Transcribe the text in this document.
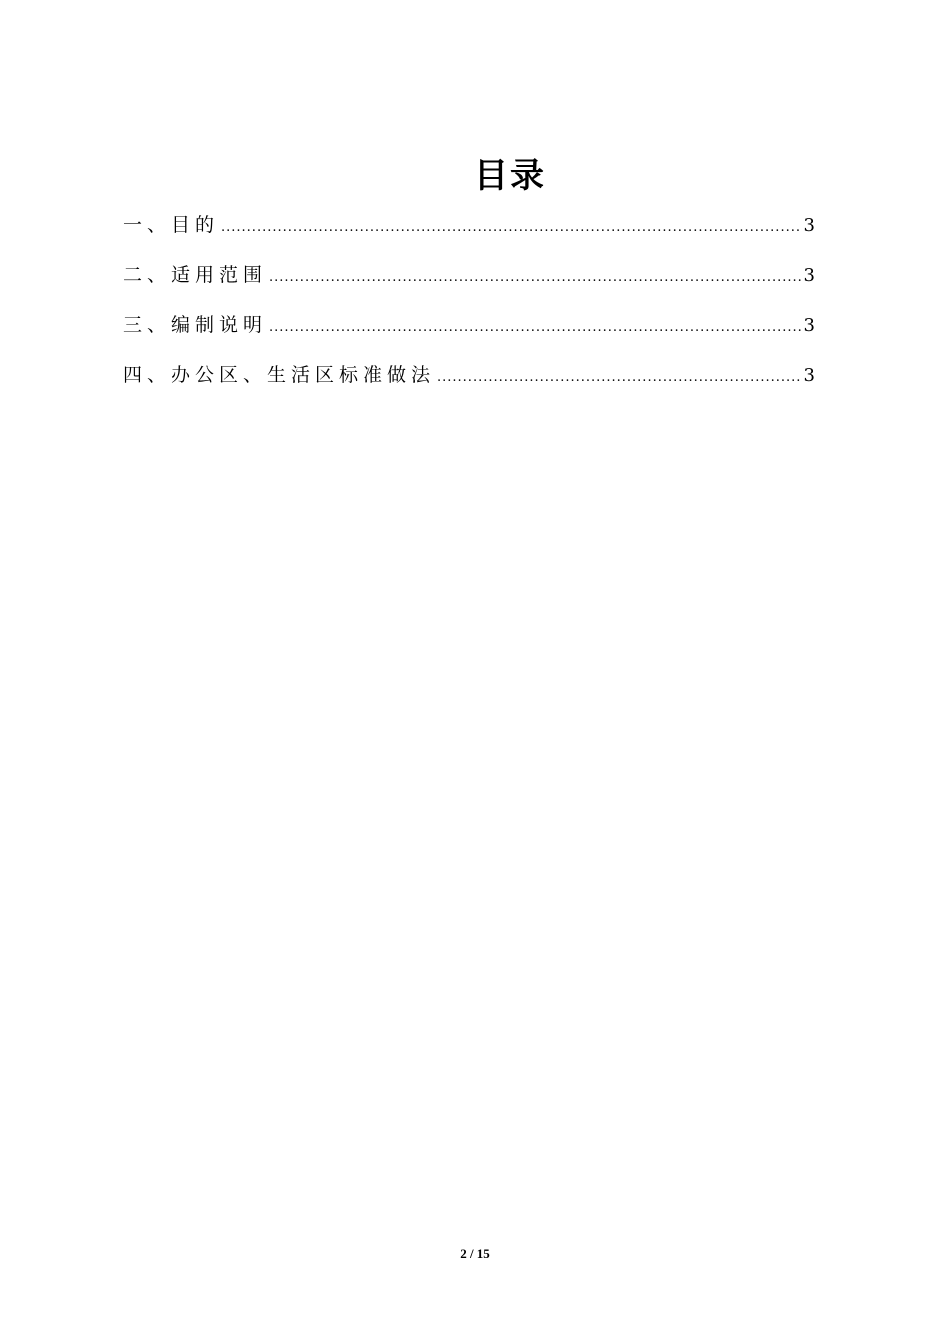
目录
一、目的 .....	3
二、适用范围 .....	3
三、编制说明 .....	3
四、办公区、生活区标准做法 .....	3
2 / 15
